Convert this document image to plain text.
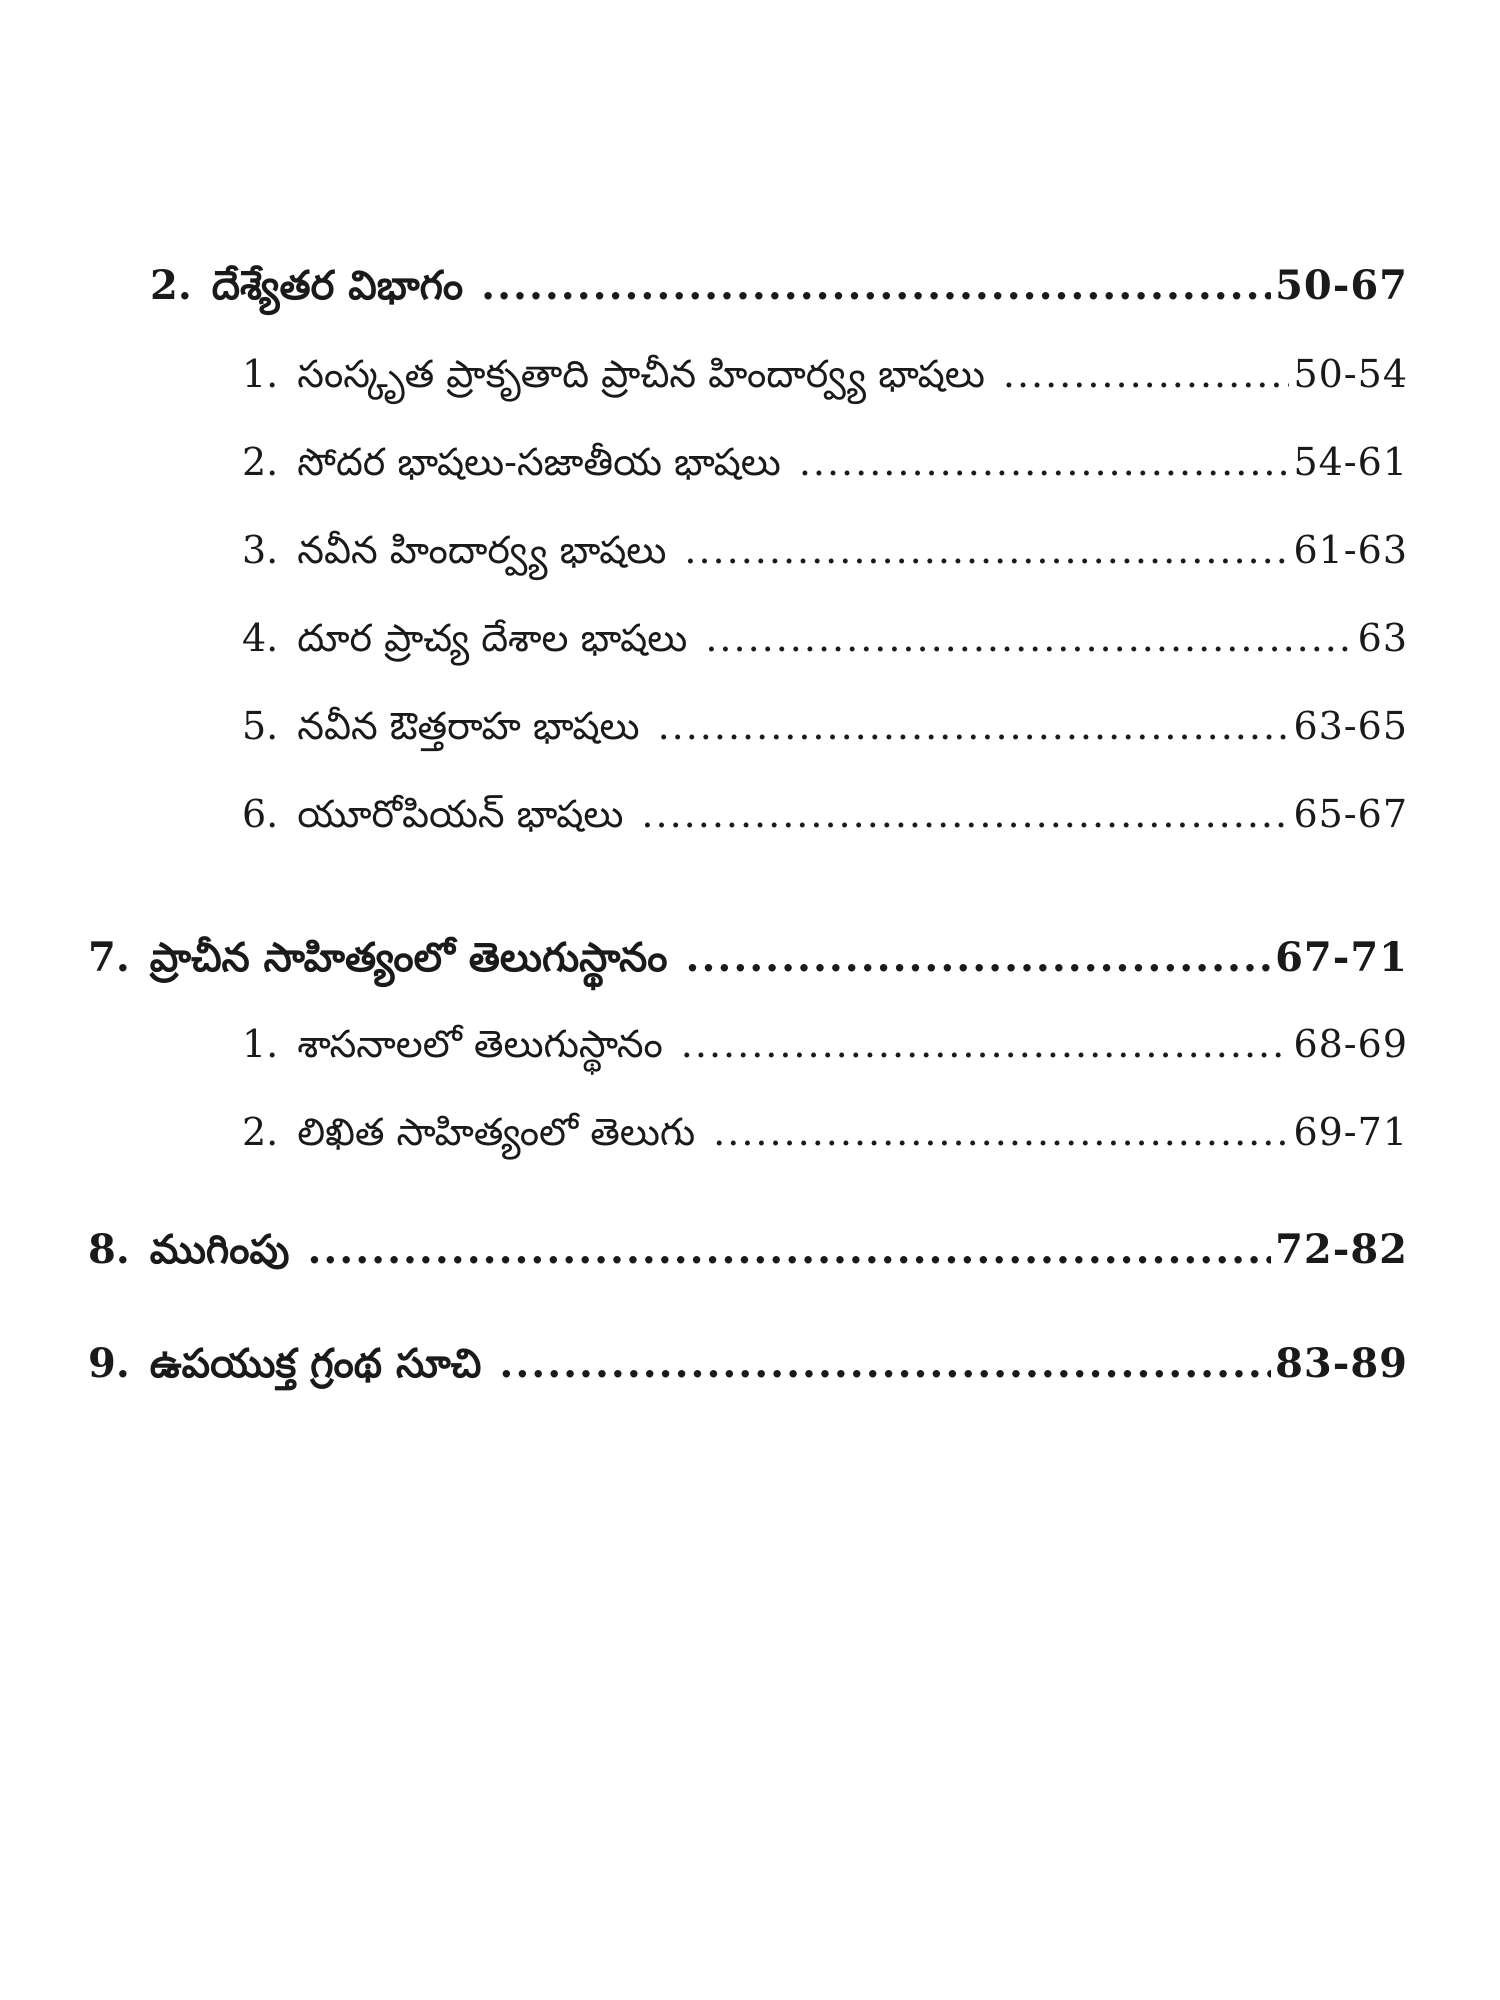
2. దేశ్యేతర విభాగం .....	50-67
1. సంస్కృత ప్రాకృతాది ప్రాచీన హిందార్వ్య భాషలు .....	50-54
2. సోదర భాషలు-సజాతీయ భాషలు .....	54-61
3. నవీన హిందార్వ్య భాషలు .....	61-63
4. దూర ప్రాచ్య దేశాల భాషలు .....	63
5. నవీన ఔత్తరాహ భాషలు .....	63-65
6. యూరోపియన్ భాషలు .....	65-67
7. ప్రాచీన సాహిత్యంలో తెలుగుస్థానం .....	67-71
1. శాసనాలలో తెలుగుస్థానం .....	68-69
2. లిఖిత సాహిత్యంలో తెలుగు .....	69-71
8. ముగింపు .....	72-82
9. ఉపయుక్త గ్రంథ సూచి .....	83-89
